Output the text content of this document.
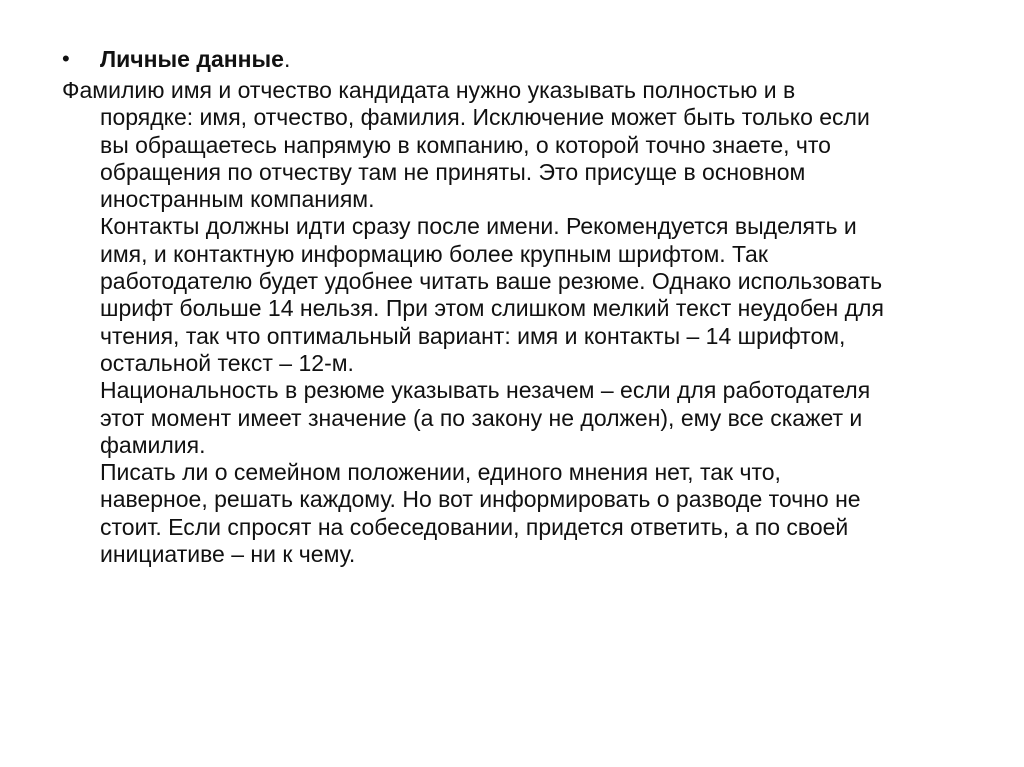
•	Личные данные .
Фамилию имя и отчество кандидата нужно указывать полностью и в
порядке: имя, отчество, фамилия. Исключение может быть только если
вы обращаетесь напрямую в компанию, о которой точно знаете, что
обращения по отчеству там не приняты. Это присуще в основном
иностранным компаниям.
Контакты должны идти сразу после имени. Рекомендуется выделять и
имя, и контактную информацию более крупным шрифтом. Так
работодателю будет удобнее читать ваше резюме. Однако использовать
шрифт больше 14 нельзя. При этом слишком мелкий текст неудобен для
чтения, так что оптимальный вариант: имя и контакты – 14 шрифтом,
остальной текст – 12-м.
Национальность в резюме указывать незачем – если для работодателя
этот момент имеет значение (а по закону не должен), ему все скажет и
фамилия.
Писать ли о семейном положении, единого мнения нет, так что,
наверное, решать каждому. Но вот информировать о разводе точно не
стоит. Если спросят на собеседовании, придется ответить, а по своей
инициативе – ни к чему.
